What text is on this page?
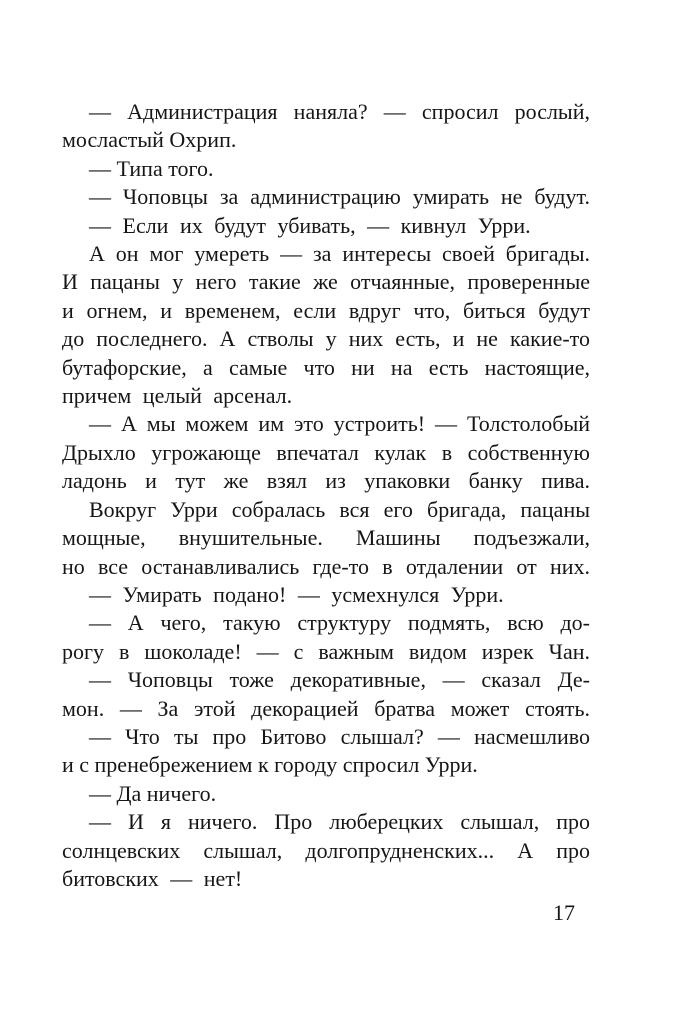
— Администрация наняла? — спросил рослый,
мосластый Охрип.
— Типа того.
— Чоповцы за администрацию умирать не будут.
— Если их будут убивать, — кивнул Урри.
А он мог умереть — за интересы своей бригады.
И пацаны у него такие же отчаянные, проверенные
и огнем, и временем, если вдруг что, биться будут
до последнего. А стволы у них есть, и не какие-то
бутафорские, а самые что ни на есть настоящие,
причем целый арсенал.
— А мы можем им это устроить! — Толстолобый
Дрыхло угрожающе впечатал кулак в собственную
ладонь и тут же взял из упаковки банку пива.
Вокруг Урри собралась вся его бригада, пацаны
мощные, внушительные. Машины подъезжали,
но все останавливались где-то в отдалении от них.
— Умирать подано! — усмехнулся Урри.
— А чего, такую структуру подмять, всю до-
рогу в шоколаде! — с важным видом изрек Чан.
— Чоповцы тоже декоративные, — сказал Де-
мон. — За этой декорацией братва может стоять.
— Что ты про Битово слышал? — насмешливо
и с пренебрежением к городу спросил Урри.
— Да ничего.
— И я ничего. Про люберецких слышал, про
солнцевских слышал, долгопрудненских... А про
битовских — нет!
17
